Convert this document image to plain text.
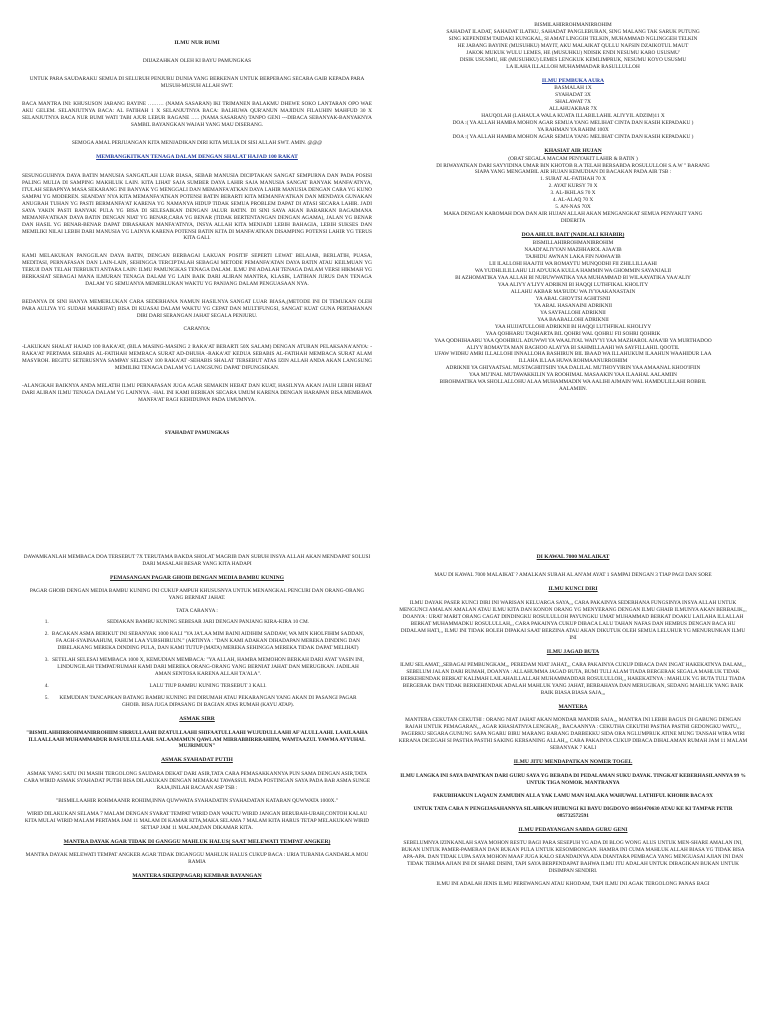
ILMU NUR BUMI

DIIJAZAHKAN OLEH KI BAYU PAMUNGKAS

UNTUK PARA SAUDARAKU SEMUA DI SELURUH PENJURU DUNIA YANG BERKENAN UNTUK BERPERANG SECARA GAIB KEPADA PARA MUSUH-MUSUH ALLAH SWT.

BACA MANTRA INI: KHUSUSON JABANG BAYINE ……… (NAMA SASARAN) IKI TRIMANEN BALAKMU DHEWE SOKO LANTARAN OPO WAE AKU GELEM. SELANJUTNYA BACA: AL FATIHAH 1 X SELANJUTNYA BACA: BALHUWA QUR'ANUN MAJIDUN FILAUHIN MAHFUD 30 X SELANJUTNYA BACA NUR BUMI WATI TABI AJUR LEBUR RAGANE ….. (NAMA SASARAN) TANPO GENI ---DIBACA SEBANYAK-BANYAKNYA SAMBIL BAYANGKAN WAJAH YANG MAU DISERANG.

SEMOGA AMAL PERJUANGAN KITA MENJADIKAN DIRI KITA MULIA DI SISI ALLAH SWT. AMIN. @@@

MEMBANGKITKAN TENAGA DALAM DENGAN SHALAT HAJAD 100 RAKAT

SESUNGGUHNYA DAYA BATIN MANUSIA SANGATLAH LUAR BIASA, SEBAB MANUSIA DICIPTAKAN SANGAT SEMPURNA DAN PADA POSISI PALING MULIA DI SAMPING MAKHLUK LAIN. KITA LIHAT SAJA SUMBER DAYA LAHIR SAJA MANUSIA SANGAT BANYAK MANFA'ATNYA, ITULAH SEBAPNYA MASA SEKARANG INI BANYAK YG MENGGALI DAN MEMANFA'ATKAN DAYA LAHIR MANUSIA DENGAN CARA YG KUNO SAMPAI YG MODEREN. SEANDAY NYA KITA MEMANFA'ATKAN POTENSI BATIN BERARTI KITA MEMANFA'ATKAN DAN MENDAYA GUNAKAN ANUGRAH TUHAN YG PASTI BERMANFA'AT KARENA YG NAMANYA HIDUP TIDAK SEMUA PROBLEM DAPAT DI ATASI SECARA LAHIR. JADI SAYA YAKIN PASTI BANYAK PULA YG BISA DI SELESAIKAN DENGAN JALUR BATIN. DI SINI SAYA AKAN BABARKAN BAGAIMANA MEMANFA'ATKAN DAYA BATIN DENGAN NIAT YG BENAR,CARA YG BENAR (TIDAK BERTENTANGAN DENGAN AGAMA), JALAN YG BENAR DAN HASIL YG BENAR-BENAR DAPAT DIRASAKAN MANFA'ATNYA, INSYA ALLAH KITA MENJADI LEBIH BAHAGIA, LEBIH SUKSES DAN MEMILIKI NILAI LEBIH DARI MANUSIA YG LAINYA KARENA POTENSI BATIN KITA DI MANFA'ATKAN DISAMPING POTENSI LAHIR YG TERUS KITA GALI.

KAMI MELAKUKAN PANGGILAN DAYA BATIN, DENGAN BERBAGAI LAKUAN POSITIF SEPERTI LEWAT BELAJAR, BERLATIH, PUASA, MEDITASI, PERNAFASAN DAN LAIN-LAIN, SEHINGGA TERCIPTALAH SEBAGAI METODE PEMANFA'ATAN DAYA BATIN ATAU KEILMUAN YG TERUJI DAN TELAH TERBUKTI ANTARA LAIN: ILMU PAMUNGKAS TENAGA DALAM. ILMU INI ADALAH TENAGA DALAM VERSI HIKMAH YG BERKASIAT SEBAGAI MANA ILMURAN TENAGA DALAM YG LAIN BAIK DARI ALIRAN MANTRA, KLASIK, LATIHAN JURUS DAN TENAGA DALAM YG SEMUANYA MEMERLUKAN WAKTU YG PANJANG DALAM PENGUASAAN NYA.

BEDANYA DI SINI HANYA MEMERLUKAN CARA SEDERHANA NAMUN HASILNYA SANGAT LUAR BIASA,(METODE INI DI TEMUKAN OLEH PARA AULIYA YG SUDAH MAKRIFAT) BISA DI KUASAI DALAM WAKTU YG CEPAT DAN MULTIFUNGSI, SANGAT KUAT GUNA PERTAHANAN DIRI DARI SERANGAN JAHAT SEGALA PENJURU.

CARANYA:

-LAKUKAN SHALAT HAJAD 100 RAKA'AT, (BILA MASING-MASING 2 RAKA'AT BERARTI 50X SALAM) DENGAN ATURAN PELAKSANA'ANYA: -RAKA'AT PERTAMA SEBABIS AL-FATIHAH MEMBACA SURAT AD-DHUHA -RAKA'AT KEDUA SEBABIS AL-FATIHAH MEMBACA SURAT ALAM MASYROH. BEGITU SETERUSNYA SAMPAY SELESAY 100 RAKA'AT -SEHABIS SHALAT TERSEBUT ATAS IZIN ALLAH ANDA AKAN LANGSUNG MEMILIKI TENAGA DALAM YG LANGSUNG DAPAT DIFUNGSIKAN.

-ALANGKAH BAIKNYA ANDA MELATIH ILMU PERNAFASAN JUGA AGAR SEMAKIN HEBAT DAN KUAT, HASILNYA AKAN JAUH LEBIH HEBAT DARI ALIRAN ILMU TENAGA DALAM YG LAINNYA. -HAL INI KAMI BERIKAN SECARA UMUM KARENA DENGAN HARAPAN BISA MEMBAWA MANFA'AT BAGI KEHIDUPAN PADA UMUMNYA.

SYAHADAT PAMUNGKAS

DAWAMKANLAH MEMBACA DOA TERSEBUT 7X TERUTAMA BAKDA SHOLAT MAGRIB DAN SUBUH INSYA ALLAH AKAN MENDAPAT SOLUSI DARI MASALAH BESAR YANG KITA HADAPI

PEMASANGAN PAGAR GHOIB DENGAN MEDIA BAMBU KUNING

PAGAR GHOIB DENGAN MEDIA BAMBU KUNING INI CUKUP AMPUH KHUSUSNYA UNTUK MENANGKAL PENCURI DAN ORANG-ORANG YANG BERNIAT JAHAT.

TATA CARANYA :

1. SEDIAKAN BAMBU KUNING SEBESAR JARI DENGAN PANJANG KIRA-KIRA 10 CM.
2. BACAKAN ASMA BERIKUT INI SEBANYAK 1000 KALI "YA JA'LAA MIM BAINI AIDIHIM SADDAW, WA MIN KHOLFIHIM SADDAN, FA AGH-SYAINAAHUM, FAHUM LAA YUBSHIRUUN." (ARTINYA : "DAN KAMI ADAKAN DIHADAPAN MEREKA DINDING DAN DIBELAKANG MEREKA DINDING PULA, DAN KAMI TUTUP (MATA) MEREKA SEHINGGA MEREKA TIDAK DAPAT MELIHAT)
3. SETELAH SELESAI MEMBACA 1000 X, KEMUDIAN MEMBACA: "YA ALLAH, HAMBA MEMOHON BERKAH DARI AYAT YASIN INI, LINDUNGILAH TEMPAT/RUMAH KAMI DARI MEREKA ORANG-ORANG YANG BERNIAT JAHAT DAN MERUGIKAN. JADILAH AMAN SENTOSA KARENA ALLAH TA'ALA".
4. LALU TIUP BAMBU KUNING TERSEBUT 3 KALI.
5. KEMUDIAN TANCAPKAN BATANG BAMBU KUNING INI DIRUMAH ATAU PEKARANGAN YANG AKAN DI PASANGI PAGAR GHOIB. BISA JUGA DIPASANG DI BAGIAN ATAS RUMAH (KAYU ATAP).
ASMAK SIRR

"BISMILAHHIRROHMANIRROHIIM SIRRULLAAHI DZATULLAAHI SHIFAATULLAAHI WUJUDULLAAHI AF'ALULLAAHI. LAAILAAHA ILLAALLAAH MUHAMMADUR RASUULULLAAH. SALAAMAMUN QAWLAM MIRRABBIRRRAHIIM, WAMTAAZUL YAWMA AYYUHAL MUJRIMUUN"

ASMAK SYAHADAT PUTIH

ASMAK YANG SATU INI MASIH TERGOLONG SAUDARA DEKAT DARI ASIR,TATA CARA PEMASAKKANNYA PUN SAMA DENGAN ASIR,TATA CARA WIRID ASMAK SYAHADAT PUTIH BISA DILAKUKAN DENGAN MEMAKAI TAWASSUL PADA POSTINGAN SAYA PADA BAB ASMA SUNGE RAJA,INILAH BACAAN ASP TSB :

"BISMILLAAHIR ROHMAANIR ROHIIM,INNA QUWWATA SYAHADATIN SYAHADATAN KATABAN QUWWATA 1000X."

WIRID DILAKUKAN SELAMA 7 MALAM DENGAN SYARAT TEMPAT WIRID DAN WAKTU WIRID JANGAN BERUBAH-UBAH,CONTOH KALAU KITA MULAI WIRID MALAM PERTAMA JAM 11 MALAM DI KAMAR KITA,MAKA SELAMA 7 MALAM KITA HARUS TETAP MELAKUKAN WIRID SETIAP JAM 11 MALAM,DAN DIKAMAR KITA.

MANTRA DAYAK AGAR TIDAK DI GANGGU MAHLUK HALUS( SAAT MELEWATI TEMPAT ANGKER)

MANTRA DAYAK MELEWATI TEMPAT ANGKER AGAR TIDAK DIGANGGU MAHLUK HALUS CUKUP BACA : URIA TUBANIA GANDARLA MOU RAMIA

MANTERA SIKEP(PAGAR) KEMBAR BAYANGAN

BISMILAHIRROHMANIRROHIM

SAHADAT ILADAT, SAHADAT ILATKU, SAHADAT PANGLEBURAN, SING MALANG TAK SARUK PUTUNG

SING KEPENDEM TAIDAKI KUNGKAL, SI AMAT LINGGIH TELKIN, MUHAMMAD NGLINGGEH TELKIN

HE JABANG BAYINE (MUSUHKU) MAYIT, AKU MALAIKAT QULLU NAFSIN DZAIKOTUL MAUT

JAKOK MUKUK WULU LEMES, HE (MUSUHKU) NDISIK ENDI NESUMU KARO USUSMU'

DISIK USUSMU, HE (MUSUHKU) LEMES LENGKUK KEMLIMPRUK, NESUMU KOYO USUSMU

LA ILAHA ILLALLOH MUHAMMADAR RASULLULLOH

ILMU PEMBUKA AURA

BASMALAH 1X

SYAHADAT 3X

SHALAWAT 7X

ALLAHUAKBAR 7X

HAUQOLAH (LAHAULA WALA KUATA ILLABILLAHIL ALIYYIL ADZIM)11 X

DOA :( YA ALLAH HAMBA MOHON AGAR SEMUA YANG MELIHAT CINTA DAN KASIH KEPADAKU )

YA RAHMAN YA RAHIM 100X

DOA :( YA ALLAH HAMBA MOHON AGAR SEMUA YANG MELIHAT CINTA DAN KASIH KEPADAKU )

KHASIAT AIR HUJAN

(OBAT SEGALA MACAM PENYAKIT LAHIR & BATIN )

DI RIWAYATKAN DARI SAYYIDINA UMAR BIN KHOTOB R.A TELAH BERSABDA ROSULULLOH S.A.W " BARANG

SIAPA YANG MENGAMBIL AIR HUJAN KEMUDIAN DI BACAKAN PADA AIR TSB :

1. SURAT AL-FATIHAH 70 X

2. AYAT KURSY 70 X

3. AL-IKHLAS 70 X

4. AL-ALAQ 70 X

5. AN-NAS 70X

MAKA DENGAN KAROMAH DOA DAN AIR HUJAN ALLAH AKAN MENGANGKAT SEMUA PENYAKIT YANG

DIDERITA

DOA AHLUL BAIT (NADLALI KHABIR)

BISMILLAHIRROHMANIRROHIM

NAADI'ALIYYAN MAZHHAROL AJAA'IB

TAJHIDU AWNAN LAKA FIN NAWAA'IB

LII ILALLOHI HAAJTII WA ROMAYTU MUNQODHI FII ZHILLILLAAHI

WA YUDHLILILLAHU LII AD'UUKA KULLA HAMMIN WA GHOMMIN SAYANJALII

BI AZHOMATIKA YAA ALLAH BI NUBUWWATIKA YAA MUHAMMAD BI WILAAYATIKA YAA'ALIY

YAA ALIYY A'LIYY ADRIKNI BI HAQQI LUTHFIKAL KHOLITY

ALLAHU AKBAR MA'BUDU WA IYYAAKANASTAIN

YA ABAL GHOYTSI AGHITSNII

YA ABAL HASANAINI ADRIKNII

YA SAYFALLOHI ADRIKNII

YAA BAABALLOHI ADRIKNII

YAA HUJJATULLOHI ADRIKNII BI HAQQI LUTHFIKAL KHOLIYY

YAA QOHHARU TAQHARTA BIL QOHRI WAL QOHRU FII SOHRI QOHRIK

YAA QODHIHAARU YAA QOOHIRUL ADUWWI YA WAALIYAL WAIY'YI YAA MAZHAROL AJAA'IB YA MURTHADOO

ALIYY ROMAYTA MAN BAGHOO ALAYYA BI SAHMILLAAHI WA SAYFILLAHIL QOOTIL

UFAW WIDHU AMRI ILLALLOHI INNALLOHA BASHIRUN BIL IBAAD WA ILLAHUKUM ILAAHUN WAAHIDUR LAA

ILLAHA ILLAA HUWA ROHMAANURROHIIM

ADRIKNII YA GHIYAATSAL MUSTAGHIITSIIN YAA DALILAL MUTHOYYIRIN YAA AMAANAL KHOO'IFIIN

YAA MU'INAL MUTAWAKKILIN YA ROOHIMAL MASAAKIN YAA ILAAHAL AALAMIIN

BIROHMATIKA WA SHOLLALLOHU ALAA MUHAMMADIN WA AALIHI AJMAIN WAL HAMDULILLAHI ROBBIL

AALAMIIN.

DI KAWAL 7000 MALAIKAT

MAU DI KAWAL 7000 MALAIKAT ? AMALKAN SURAH AL AN'AM AYAT 1 SAMPAI DENGAN 3 TIAP PAGI DAN SORE

ILMU KUNCI DIRI

ILMU DAYAK PASER KUNCI DIRI INI WARISAN KELUARGA SAYA,,, CARA PAKAINYA SEDERHANA FUNGSINYA INSYA ALLAH UNTUK MENGUNCI AMALAN AMALAN ATAU ILMU KITA DAN KONON ORANG YG MENYERANG DENGAN ILMU GHAIB ILMUNYA AKAN BERBALIK,,, DOANYA : URAT MARIT ORANG CAGAT DINDINGKU ROSULULLOH PAYUNGKU UMAT MUHAMMAD BERKAT DOAKU LAILAHA ILLALLAH BERKAT MUHAMMADKU ROSULULLAH,,, CARA PAKAINYA CUKUP DIBACA LALU TAHAN NAFAS DAN HEMBUS DENGAN BACA HU DIDALAM HATI,,, ILMU INI TIDAK BOLEH DIPAKAI SAAT BERZINA ATAU AKAN DIKUTUK OLEH SEMUA LELUHUR YG MENURUNKAN ILMU INI

ILMU JAGAD BUTA

ILMU SELAMAT,,,SEBAGAI PEMBUNGKAM,,, PEREDAM NIAT JAHAT,,, CARA PAKAINYA CUKUP DIBACA DAN INGAT HAKEKATNYA DALAM,,, SEBELUM JALAN DARI RUMAH, DOANYA : ALLAHUMMA JAGAD BUTA, BUMI TULI ALAM TIADA BERGERAK SEGALA MAHLUK TIDAK BERKEHENDAK BERKAT KALIMAH LAILAHAILLALLAH MUHAMMADDAR ROSULULLOH,,, HAKEKATNYA : MAHLUK YG BUTA TULI TIADA BERGERAK DAN TIDAK BERKEHENDAK ADALAH MAHLUK YANG JAHAT, BERBAHAYA DAN MERUGIKAN, SEDANG MAHLUK YANG BAIK BAIK BIASA BIASA SAJA,,,

MANTERA

MANTERA CEKUTAN CEKUTHI : ORANG NIAT JAHAT AKAN MONDAR MANDIR SAJA,,, MANTRA INI LEBIH BAGUS DI GABUNG DENGAN RAJAH UNTUK PEMAGARAN,,, AGAR KHASIATNYA LENGKAP,,, BACAANNYA : CEKUTHA CEKUTHI PASTHA PASTHI GEDONGKU WATU,,, PAGERKU SEGARA GUNUNG SAPA NGARU BIRU MARANG BARANG DARBEKKU SIDA ORA NGLUMPRUK ATINE MUNG TANSAH WIRA WIRI KERANA DICEGAH SI PASTHA PASTHI SAKING KERSANING ALLAH,,, CARA PAKAINYA CUKUP DIBACA DIHALAMAN RUMAH JAM 11 MALAM SEBANYAK 7 KALI

ILMU JITU MENDAPATKAN NOMER TOGEL

ILMU LANGKA INI SAYA DAPATKAN DARI GURU SAYA YG BERADA DI PEDALAMAN SUKU DAYAK. TINGKAT KEBERHASILANNYA 99 % UNTUK TIGA NOMOR. MANTRANYA

FAKUBIHAKUN LAQAUN ZAMUDIN ALLA YAK LAMU MAN HALAKA WAHUWAL LATHIFUL KHOBIR BACA 9X

UNTUK TATA CARA N PENGIJASAHANNYA SILAHKAN HUBUNGI KI BAYU DIGDOYO 08561470630 ATAU KE KI TAMPAR PETIR 085732572591

ILMU PEDAYANGAN SABDA GURU GENI

SEBELUMNYA IZINKANLAH SAYA MOHON RESTU BAGI PARA SESEPUH YG ADA DI BLOG WONG ALUS UNTUK MEN-SHARE AMALAN INI, BUKAN UNTUK PAMER-PAMERAN DAN BUKAN PULA UNTUK KESOMBONGAN. HAMBA INI CUMA MAHLUK ALLAH BIASA YG TIDAK BISA APA-APA. DAN TIDAK LUPA SAYA MOHON MAAF JUGA KALO SEANDAINYA ADA DIANTARA PEMBACA YANG MENGUASAI AJIAN INI DAN TIDAK TERIMA AJIAN INI DI SHARE DISINI, TAPI SAYA BERPENDAPAT BAHWA ILMU ITU ADALAH UNTUK DIBAGIKAN BUKAN UNTUK DISIMPAN SENDIRI.

ILMU INI ADALAH JENIS ILMU PEREWANGAN ATAU KHODAM, TAPI ILMU INI AGAK TERGOLONG PANAS BAGI
